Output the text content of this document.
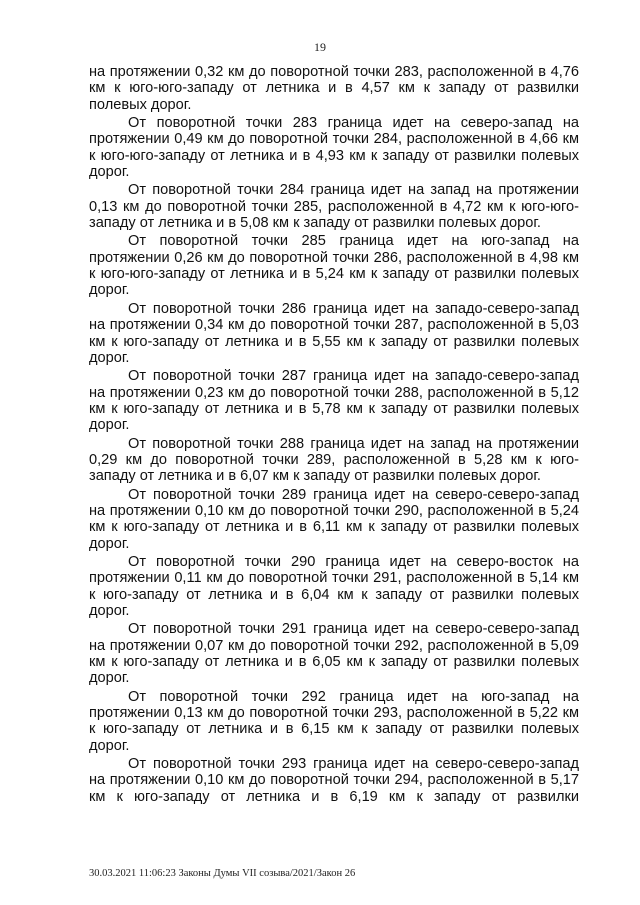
19

на протяжении 0,32 км до поворотной точки 283, расположенной в 4,76 км к юго-юго-западу от летника и в 4,57 км к западу от развилки полевых дорог.

От поворотной точки 283 граница идет на северо-запад на протяжении 0,49 км до поворотной точки 284, расположенной в 4,66 км к юго-юго-западу от летника и в 4,93 км к западу от развилки полевых дорог.

От поворотной точки 284 граница идет на запад на протяжении 0,13 км до поворотной точки 285, расположенной в 4,72 км к юго-юго-западу от летника и в 5,08 км к западу от развилки полевых дорог.

От поворотной точки 285 граница идет на юго-запад на протяжении 0,26 км до поворотной точки 286, расположенной в 4,98 км к юго-юго-западу от летника и в 5,24 км к западу от развилки полевых дорог.

От поворотной точки 286 граница идет на западо-северо-запад на протяжении 0,34 км до поворотной точки 287, расположенной в 5,03 км к юго-западу от летника и в 5,55 км к западу от развилки полевых дорог.

От поворотной точки 287 граница идет на западо-северо-запад на протяжении 0,23 км до поворотной точки 288, расположенной в 5,12 км к юго-западу от летника и в 5,78 км к западу от развилки полевых дорог.

От поворотной точки 288 граница идет на запад на протяжении 0,29 км до поворотной точки 289, расположенной в 5,28 км к юго-западу от летника и в 6,07 км к западу от развилки полевых дорог.

От поворотной точки 289 граница идет на северо-северо-запад на протяжении 0,10 км до поворотной точки 290, расположенной в 5,24 км к юго-западу от летника и в 6,11 км к западу от развилки полевых дорог.

От поворотной точки 290 граница идет на северо-восток на протяжении 0,11 км до поворотной точки 291, расположенной в 5,14 км к юго-западу от летника и в 6,04 км к западу от развилки полевых дорог.

От поворотной точки 291 граница идет на северо-северо-запад на протяжении 0,07 км до поворотной точки 292, расположенной в 5,09 км к юго-западу от летника и в 6,05 км к западу от развилки полевых дорог.

От поворотной точки 292 граница идет на юго-запад на протяжении 0,13 км до поворотной точки 293, расположенной в 5,22 км к юго-западу от летника и в 6,15 км к западу от развилки полевых дорог.

От поворотной точки 293 граница идет на северо-северо-запад на протяжении 0,10 км до поворотной точки 294, расположенной в 5,17 км к юго-западу от летника и в 6,19 км к западу от развилки

30.03.2021 11:06:23 Законы Думы VII созыва/2021/Закон 26
